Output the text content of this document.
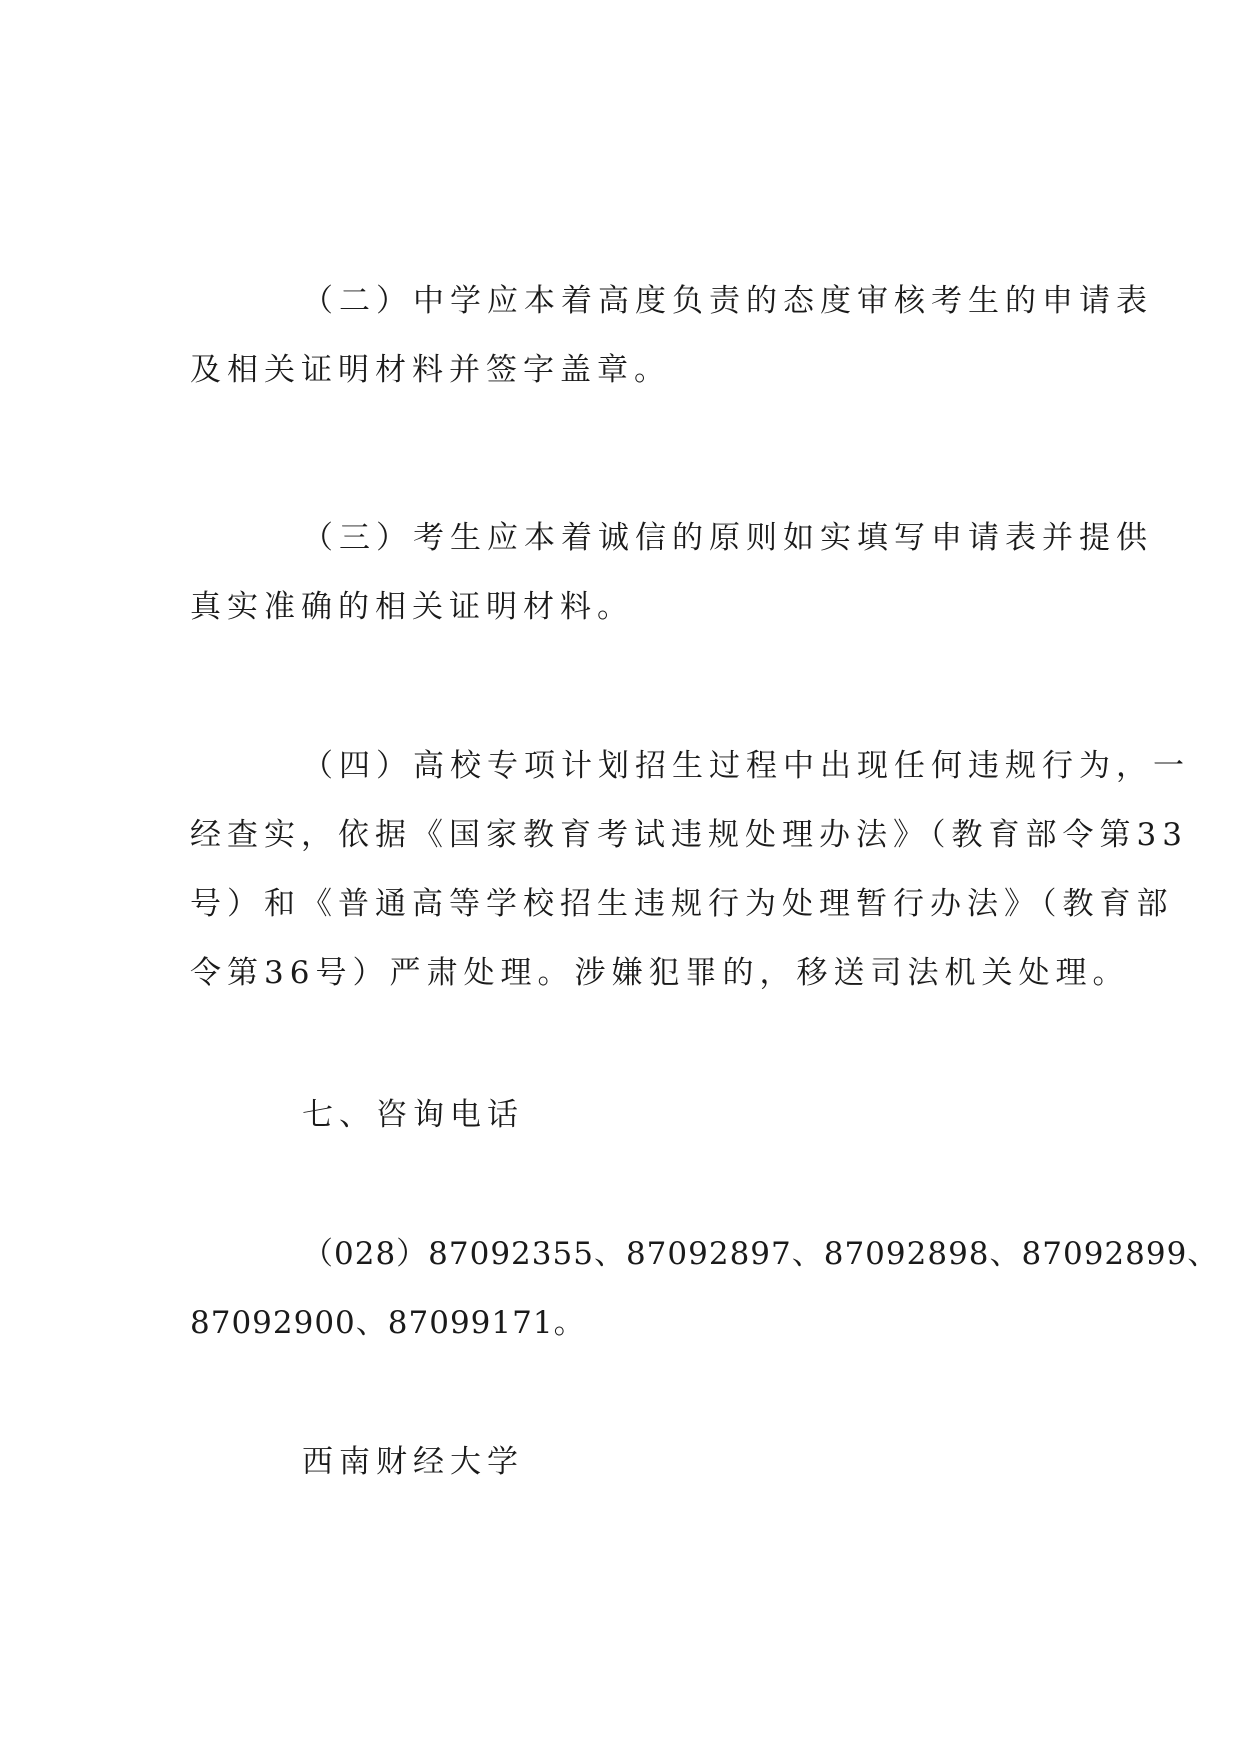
（二）中学应本着高度负责的态度审核考生的申请表
及相关证明材料并签字盖章。
（三）考生应本着诚信的原则如实填写申请表并提供
真实准确的相关证明材料。
（四）高校专项计划招生过程中出现任何违规行为，一
经查实，依据《国家教育考试违规处理办法》（教育部令第33
号）和《普通高等学校招生违规行为处理暂行办法》（教育部
令第36号）严肃处理。涉嫌犯罪的，移送司法机关处理。
七、咨询电话
（028）87092355、87092897、87092898、87092899、
87092900、87099171。
西南财经大学
